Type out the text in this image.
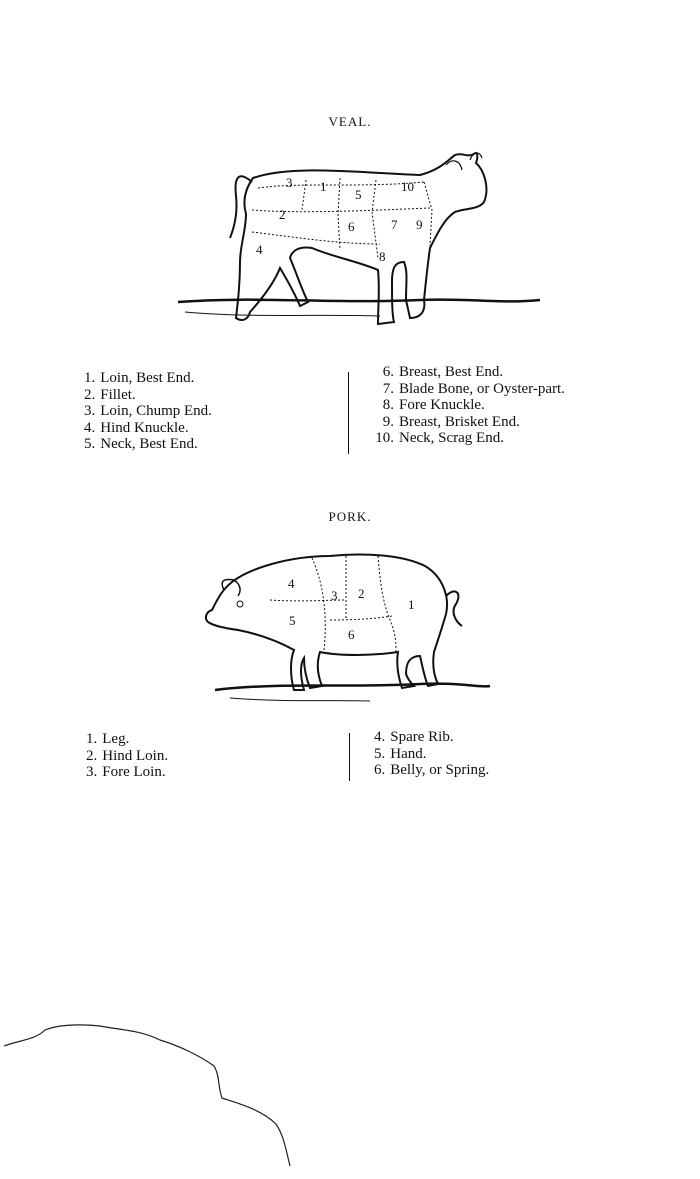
VEAL.
3 1
5
10
2
6	7 9
4	8
1. Loin, Best End.
2. Fillet.
3. Loin, Chump End.
4. Hind Knuckle.
5. Neck, Best End.
6. Breast, Best End.
7. Blade Bone, or Oyster-part.
8. Fore Knuckle.
9. Breast, Brisket End.
10. Neck, Scrag End.
PORK.
4
3 2
1
5
6
1. Leg.
2. Hind Loin.
3. Fore Loin.
4. Spare Rib.
5. Hand.
6. Belly, or Spring.
